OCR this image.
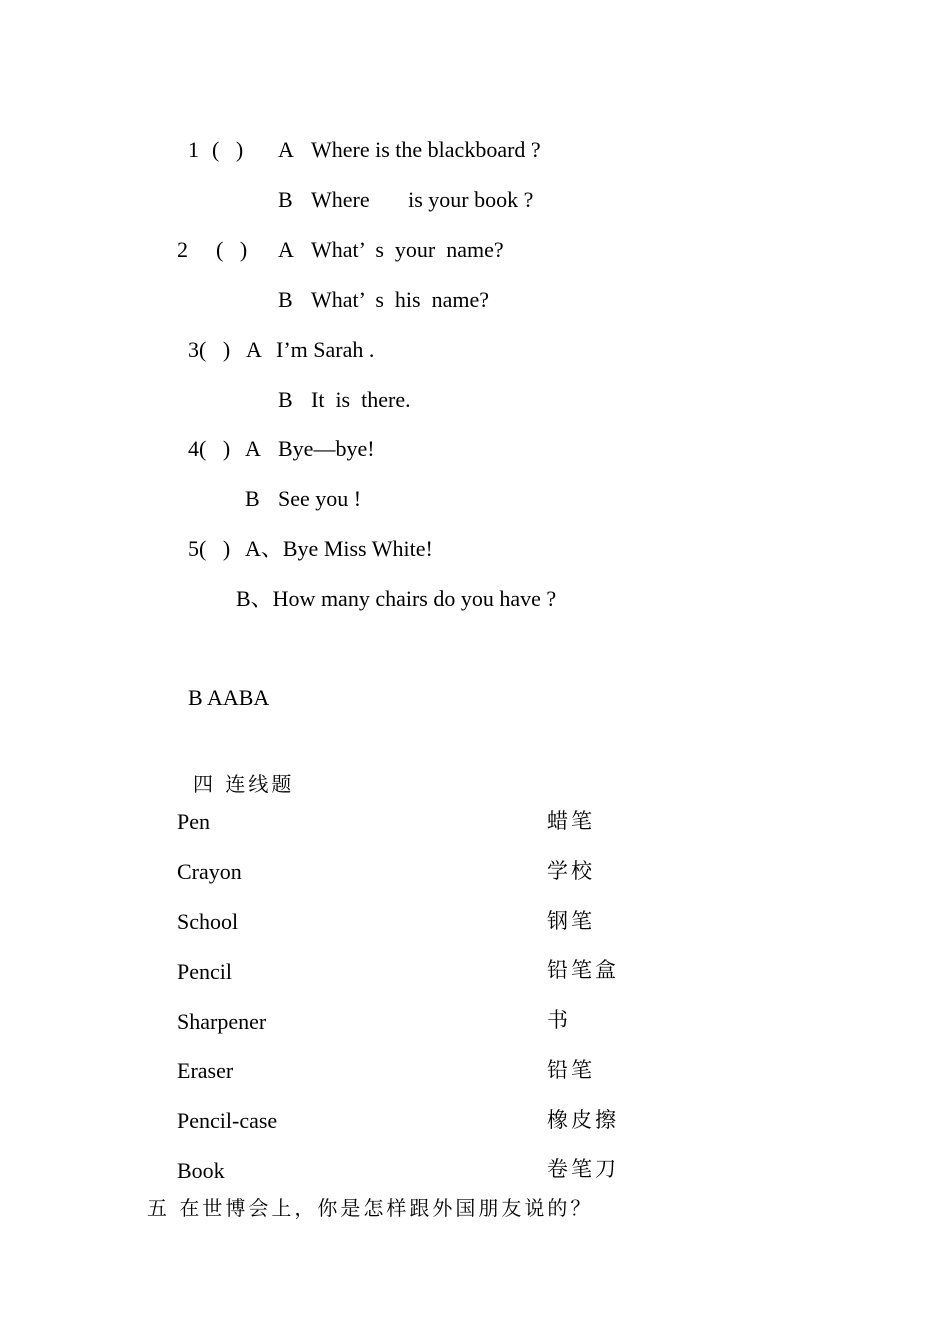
1 (   ) A Where is the blackboard ?
B Where       is your book ?
2 (   ) A What’  s  your  name?
B What’  s  his  name?
3(   ) A I’m Sarah .
B It  is  there.
4(   ) A Bye—bye!
B See you !
5(   ) A、Bye Miss White!
B、How many chairs do you have ?
B AABA
四 连线题
Pen
Crayon
School
Pencil
Sharpener
Eraser
Pencil-case
Book
蜡笔
学校
钢笔
铅笔盒
书
铅笔
橡皮擦
卷笔刀
五 在世博会上，你是怎样跟外国朋友说的？
